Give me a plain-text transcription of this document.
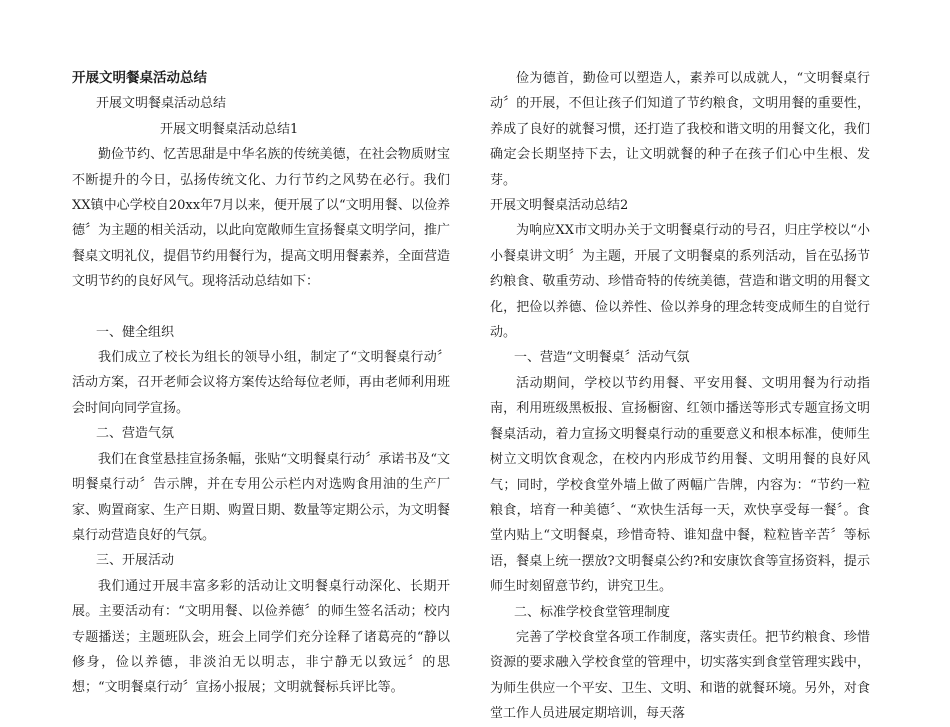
开展文明餐桌活动总结

开展文明餐桌活动总结

开展文明餐桌活动总结1

勤俭节约、忆苦思甜是中华名族的传统美德，在社会物质财宝不断提升的今日，弘扬传统文化、力行节约之风势在必行。我们XX镇中心学校自20xx年7月以来，便开展了以“文明用餐、以俭养德〞为主题的相关活动，以此向宽敞师生宣扬餐桌文明学问，推广餐桌文明礼仪，提倡节约用餐行为，提高文明用餐素养，全面营造文明节约的良好风气。现将活动总结如下：

一、健全组织

我们成立了校长为组长的领导小组，制定了“文明餐桌行动〞活动方案，召开老师会议将方案传达给每位老师，再由老师利用班会时间向同学宣扬。

二、营造气氛

我们在食堂悬挂宣扬条幅，张贴“文明餐桌行动〞承诺书及“文明餐桌行动〞告示牌，并在专用公示栏内对选购食用油的生产厂家、购置商家、生产日期、购置日期、数量等定期公示，为文明餐桌行动营造良好的气氛。

三、开展活动

我们通过开展丰富多彩的活动让文明餐桌行动深化、长期开展。主要活动有：“文明用餐、以俭养德〞的师生签名活动；校内专题播送；主题班队会，班会上同学们充分诠释了诸葛亮的“静以修身，俭以养德，非淡泊无以明志，非宁静无以致远〞的思想；“文明餐桌行动〞宣扬小报展；文明就餐标兵评比等。

俭为德首，勤俭可以塑造人，素养可以成就人，“文明餐桌行动〞的开展，不但让孩子们知道了节约粮食，文明用餐的重要性，养成了良好的就餐习惯，还打造了我校和谐文明的用餐文化，我们确定会长期坚持下去，让文明就餐的种子在孩子们心中生根、发芽。

开展文明餐桌活动总结2

为响应XX市文明办关于文明餐桌行动的号召，归庄学校以“小小餐桌讲文明〞为主题，开展了文明餐桌的系列活动，旨在弘扬节约粮食、敬重劳动、珍惜奇特的传统美德，营造和谐文明的用餐文化，把俭以养德、俭以养性、俭以养身的理念转变成师生的自觉行动。

一、营造“文明餐桌〞活动气氛

活动期间，学校以节约用餐、平安用餐、文明用餐为行动指南，利用班级黑板报、宣扬橱窗、红领巾播送等形式专题宣扬文明餐桌活动，着力宣扬文明餐桌行动的重要意义和根本标准，使师生树立文明饮食观念，在校内内形成节约用餐、文明用餐的良好风气；同时，学校食堂外墙上做了两幅广告牌，内容为：“节约一粒粮食，培育一种美德〞、“欢快生活每一天，欢快享受每一餐〞。食堂内贴上“文明餐桌，珍惜奇特、谁知盘中餐，粒粒皆辛苦〞等标语，餐桌上统一摆放?文明餐桌公约?和安康饮食等宣扬资料，提示师生时刻留意节约，讲究卫生。

二、标准学校食堂管理制度

完善了学校食堂各项工作制度，落实责任。把节约粮食、珍惜资源的要求融入学校食堂的管理中，切实落实到食堂管理实践中，为师生供应一个平安、卫生、文明、和谐的就餐环境。另外，对食堂工作人员进展定期培训，每天落
